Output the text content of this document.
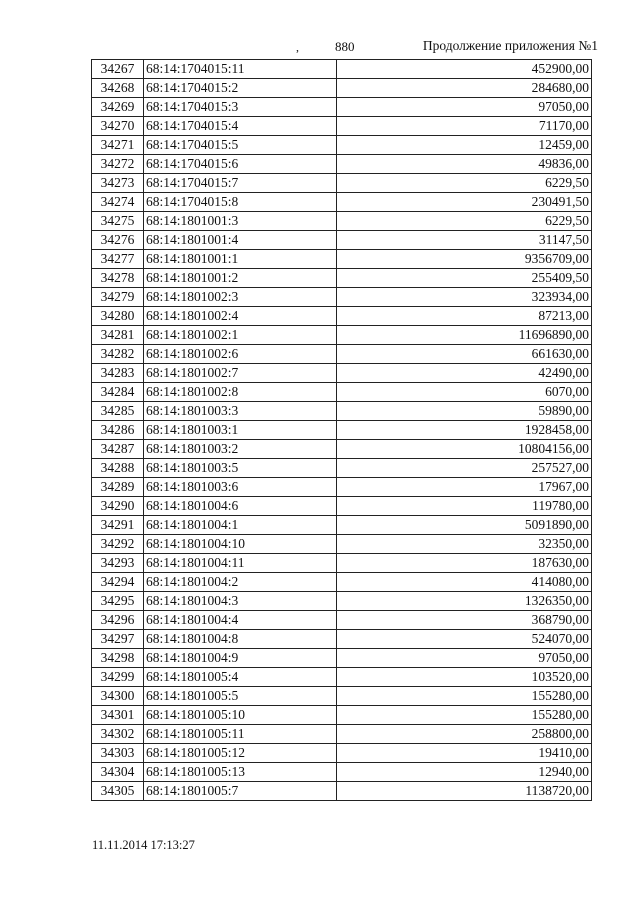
,	880	Продолжение приложения №1
34267	68:14:1704015:11	452900,00
34268	68:14:1704015:2	284680,00
34269	68:14:1704015:3	97050,00
34270	68:14:1704015:4	71170,00
34271	68:14:1704015:5	12459,00
34272	68:14:1704015:6	49836,00
34273	68:14:1704015:7	6229,50
34274	68:14:1704015:8	230491,50
34275	68:14:1801001:3	6229,50
34276	68:14:1801001:4	31147,50
34277	68:14:1801001:1	9356709,00
34278	68:14:1801001:2	255409,50
34279	68:14:1801002:3	323934,00
34280	68:14:1801002:4	87213,00
34281	68:14:1801002:1	11696890,00
34282	68:14:1801002:6	661630,00
34283	68:14:1801002:7	42490,00
34284	68:14:1801002:8	6070,00
34285	68:14:1801003:3	59890,00
34286	68:14:1801003:1	1928458,00
34287	68:14:1801003:2	10804156,00
34288	68:14:1801003:5	257527,00
34289	68:14:1801003:6	17967,00
34290	68:14:1801004:6	119780,00
34291	68:14:1801004:1	5091890,00
34292	68:14:1801004:10	32350,00
34293	68:14:1801004:11	187630,00
34294	68:14:1801004:2	414080,00
34295	68:14:1801004:3	1326350,00
34296	68:14:1801004:4	368790,00
34297	68:14:1801004:8	524070,00
34298	68:14:1801004:9	97050,00
34299	68:14:1801005:4	103520,00
34300	68:14:1801005:5	155280,00
34301	68:14:1801005:10	155280,00
34302	68:14:1801005:11	258800,00
34303	68:14:1801005:12	19410,00
34304	68:14:1801005:13	12940,00
34305	68:14:1801005:7	1138720,00
11.11.2014 17:13:27
